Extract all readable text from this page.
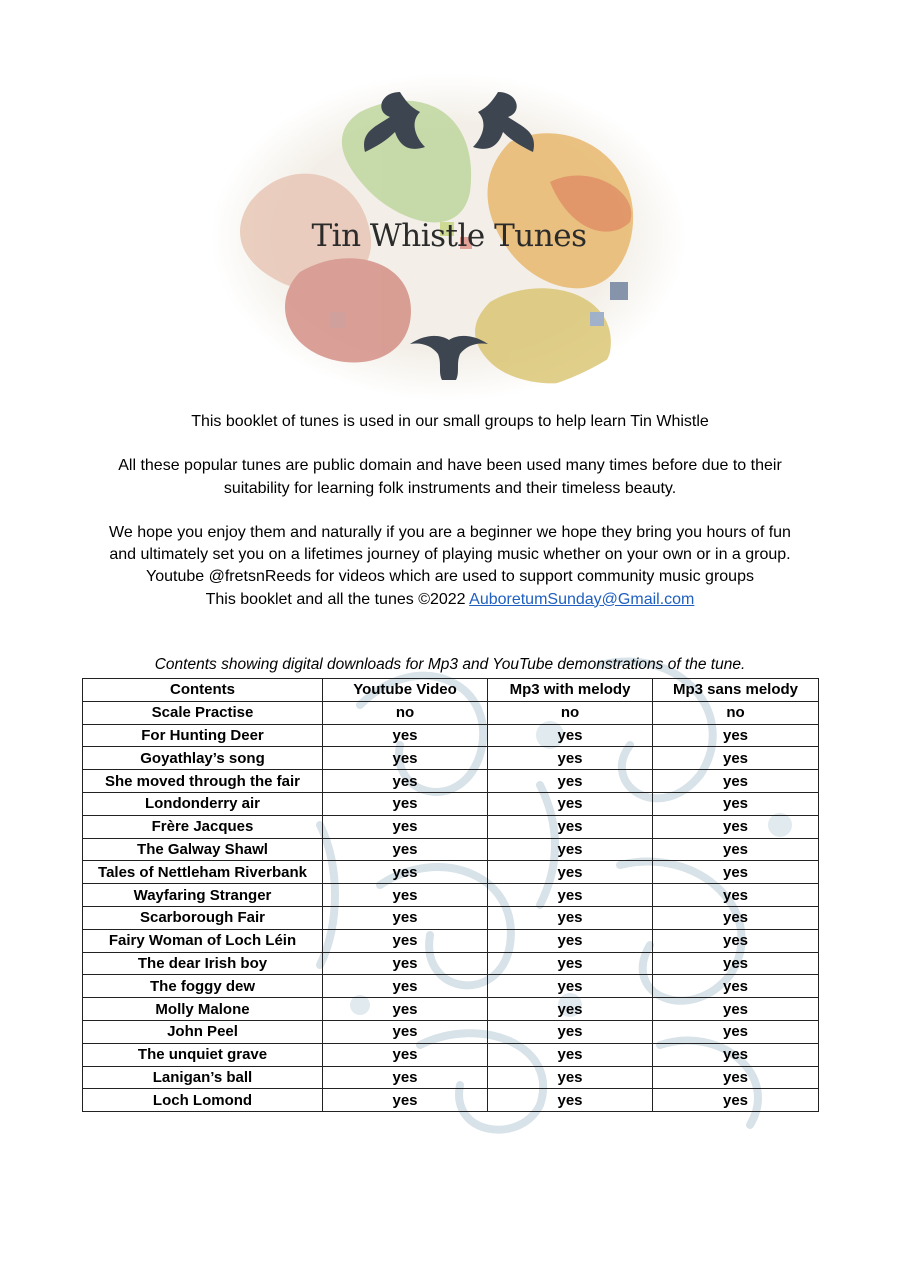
Tin Whistle Tunes

This booklet of tunes is used in our small groups to help learn Tin Whistle

All these popular tunes are public domain and have been used many times before due to their

suitability for learning folk instruments and their timeless beauty.

We hope you enjoy them and naturally if you are a beginner we hope they bring you hours of fun

and ultimately set you on a lifetimes journey of playing music whether on your own or in a group.

Youtube @fretsnReeds for videos which are used to support community music groups

This booklet and all the tunes ©2022 AuboretumSunday@Gmail.com

Contents showing digital downloads for Mp3 and YouTube demonstrations of the tune.
Contents	Youtube Video	Mp3 with melody	Mp3 sans melody
Scale Practise	no	no	no
For Hunting Deer	yes	yes	yes
Goyathlay’s song	yes	yes	yes
She moved through the fair	yes	yes	yes
Londonderry air	yes	yes	yes
Frère Jacques	yes	yes	yes
The Galway Shawl	yes	yes	yes
Tales of Nettleham Riverbank	yes	yes	yes
Wayfaring Stranger	yes	yes	yes
Scarborough Fair	yes	yes	yes
Fairy Woman of Loch Léin	yes	yes	yes
The dear Irish boy	yes	yes	yes
The foggy dew	yes	yes	yes
Molly Malone	yes	yes	yes
John Peel	yes	yes	yes
The unquiet grave	yes	yes	yes
Lanigan’s ball	yes	yes	yes
Loch Lomond	yes	yes	yes
